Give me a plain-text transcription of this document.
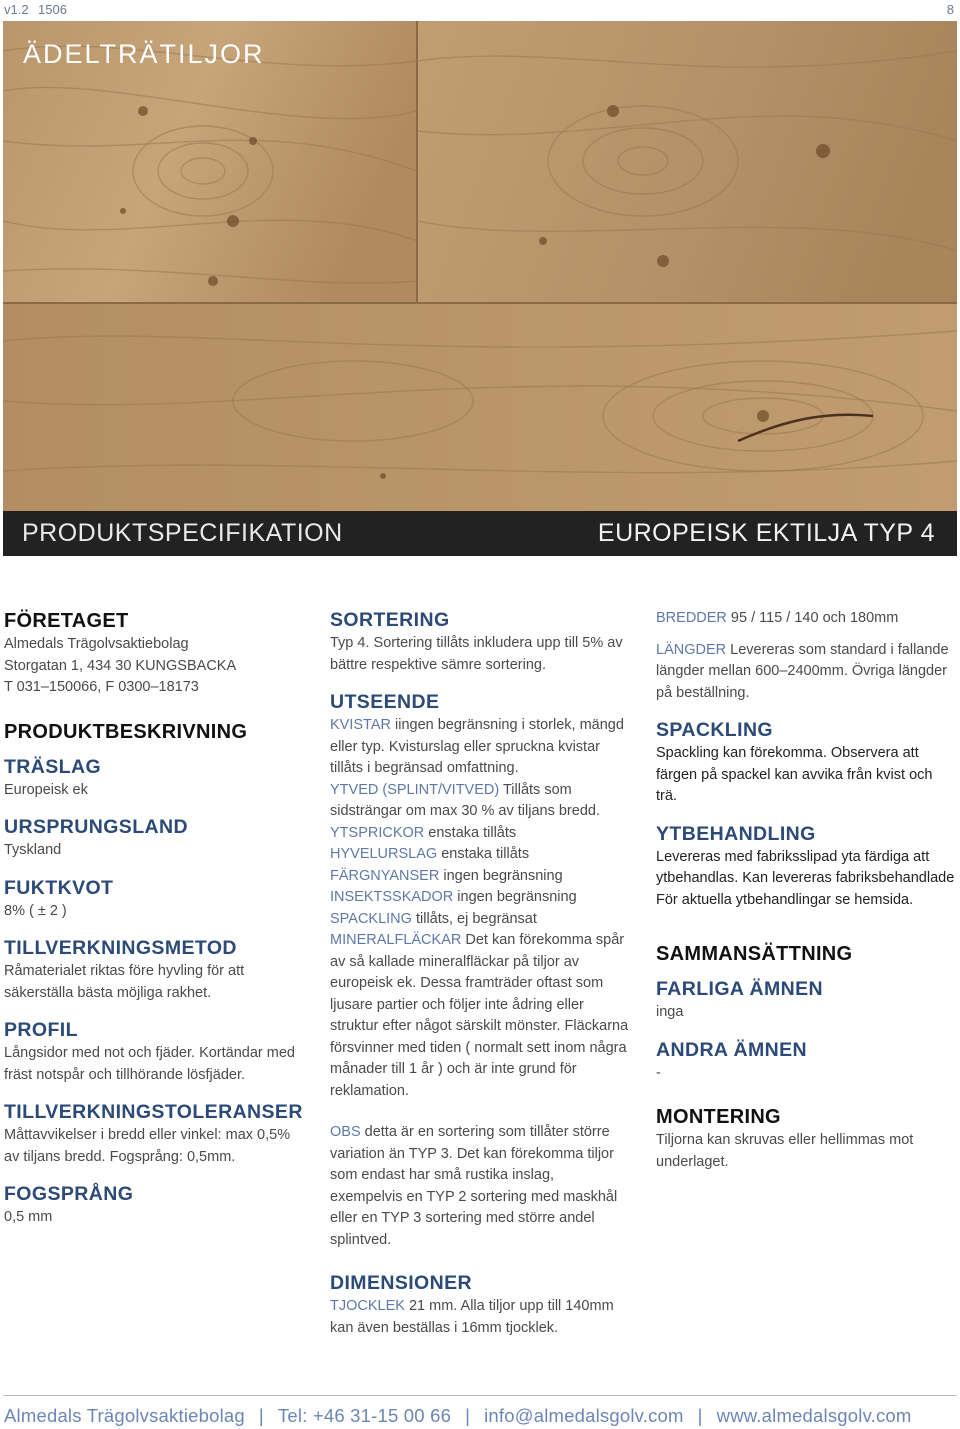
v1.2 1506	8
ÄDELTRÄTILJOR
PRODUKTSPECIFIKATION	EUROPEISK EKTILJA TYP 4
FÖRETAGET

Almedals Trägolvsaktiebolag

Storgatan 1, 434 30 KUNGSBACKA

T 031–150066, F 0300–18173

PRODUKTBESKRIVNING
TRÄSLAG

Europeisk ek

URSPRUNGSLAND

Tyskland

FUKTKVOT

8% ( ± 2 )

TILLVERKNINGSMETOD

Råmaterialet riktas före hyvling för att säkerställa bästa möjliga rakhet.

PROFIL

Långsidor med not och fjäder. Kortändar med fräst notspår och tillhörande lösfjäder.

TILLVERKNINGSTOLERANSER

Måttavvikelser i bredd eller vinkel: max 0,5% av tiljans bredd. Fogsprång: 0,5mm.

FOGSPRÅNG

0,5 mm

SORTERING

Typ 4. Sortering tillåts inkludera upp till 5% av bättre respektive sämre sortering.

UTSEENDE

KVISTAR iingen begränsning i storlek, mängd eller typ. Kvisturslag eller spruckna kvistar tillåts i begränsad omfattning.

YTVED (SPLINT/VITVED) Tillåts som sidsträngar om max 30 % av tiljans bredd.

YTSPRICKOR enstaka tillåts

HYVELURSLAG enstaka tillåts

FÄRGNYANSER ingen begränsning

INSEKTSSKADOR ingen begränsning

SPACKLING tillåts, ej begränsat

MINERALFLÄCKAR Det kan förekomma spår av så kallade mineralfläckar på tiljor av europeisk ek. Dessa framträder oftast som ljusare partier och följer inte ådring eller struktur efter något särskilt mönster. Fläckarna försvinner med tiden ( normalt sett inom några månader till 1 år ) och är inte grund för reklamation.

OBS detta är en sortering som tillåter större variation än TYP 3. Det kan förekomma tiljor som endast har små rustika inslag, exempelvis en TYP 2 sortering med maskhål eller en TYP 3 sortering med större andel splintved.

DIMENSIONER

TJOCKLEK 21 mm. Alla tiljor upp till 140mm kan även beställas i 16mm tjocklek.

BREDDER 95 / 115 / 140 och 180mm

LÄNGDER Levereras som standard i fallande längder mellan 600–2400mm. Övriga längder på beställning.

SPACKLING

Spackling kan förekomma. Observera att färgen på spackel kan avvika från kvist och trä.

YTBEHANDLING

Levereras med fabriksslipad yta färdiga att ytbehandlas. Kan levereras fabriksbehandlade För aktuella ytbehandlingar se hemsida.

SAMMANSÄTTNING
FARLIGA ÄMNEN

inga

ANDRA ÄMNEN

-

MONTERING

Tiljorna kan skruvas eller hellimmas mot underlaget.

Almedals Trägolvsaktiebolag | Tel: +46 31-15 00 66 | info@almedalsgolv.com | www.almedalsgolv.com
